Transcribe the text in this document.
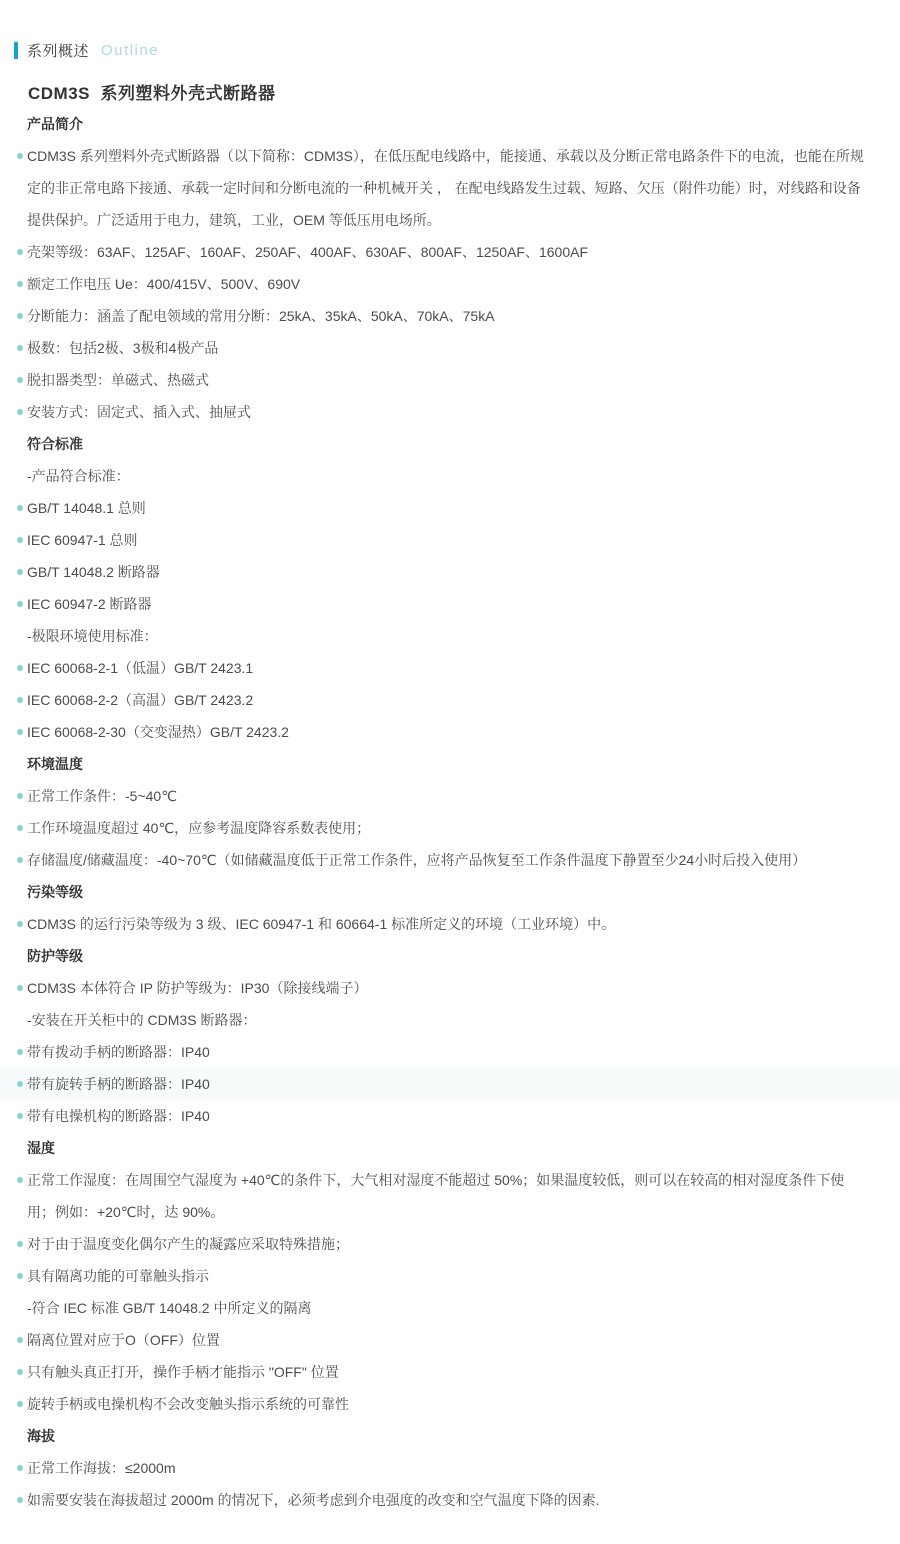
系列概述 Outline
CDM3S  系列塑料外壳式断路器
产品简介
CDM3S 系列塑料外壳式断路器（以下简称：CDM3S），在低压配电线路中，能接通、承载以及分断正常电路条件下的电流，也能在所规定的非正常电路下接通、承载一定时间和分断电流的一种机械开关 ， 在配电线路发生过载、短路、欠压（附件功能）时，对线路和设备提供保护。广泛适用于电力，建筑，工业，OEM 等低压用电场所。
壳架等级：63AF、125AF、160AF、250AF、400AF、630AF、800AF、1250AF、1600AF
额定工作电压 Ue：400/415V、500V、690V
分断能力：涵盖了配电领域的常用分断：25kA、35kA、50kA、70kA、75kA
极数：包括2极、3极和4极产品
脱扣器类型：单磁式、热磁式
安装方式：固定式、插入式、抽屉式
符合标准
-产品符合标准：
GB/T 14048.1 总则
IEC 60947-1 总则
GB/T 14048.2 断路器
IEC 60947-2 断路器
-极限环境使用标准：
IEC 60068-2-1（低温）GB/T 2423.1
IEC 60068-2-2（高温）GB/T 2423.2
IEC 60068-2-30（交变湿热）GB/T 2423.2
环境温度
正常工作条件：-5~40℃
工作环境温度超过 40℃，应参考温度降容系数表使用；
存储温度/储藏温度：-40~70℃（如储藏温度低于正常工作条件，应将产品恢复至工作条件温度下静置至少24小时后投入使用）
污染等级
CDM3S 的运行污染等级为 3 级、IEC 60947-1 和 60664-1 标准所定义的环境（工业环境）中。
防护等级
CDM3S 本体符合 IP 防护等级为：IP30（除接线端子）
-安装在开关柜中的 CDM3S 断路器：
带有拨动手柄的断路器：IP40
带有旋转手柄的断路器：IP40
带有电操机构的断路器：IP40
湿度
正常工作湿度：在周围空气湿度为 +40℃的条件下，大气相对湿度不能超过 50%；如果温度较低，则可以在较高的相对湿度条件下使用；例如：+20℃时，达 90%。
对于由于温度变化偶尔产生的凝露应采取特殊措施；
具有隔离功能的可靠触头指示
-符合 IEC 标准 GB/T 14048.2 中所定义的隔离
隔离位置对应于O（OFF）位置
只有触头真正打开，操作手柄才能指示 "OFF" 位置
旋转手柄或电操机构不会改变触头指示系统的可靠性
海拔
正常工作海拔：≤2000m
如需要安装在海拔超过 2000m 的情况下，必须考虑到介电强度的改变和空气温度下降的因素.
